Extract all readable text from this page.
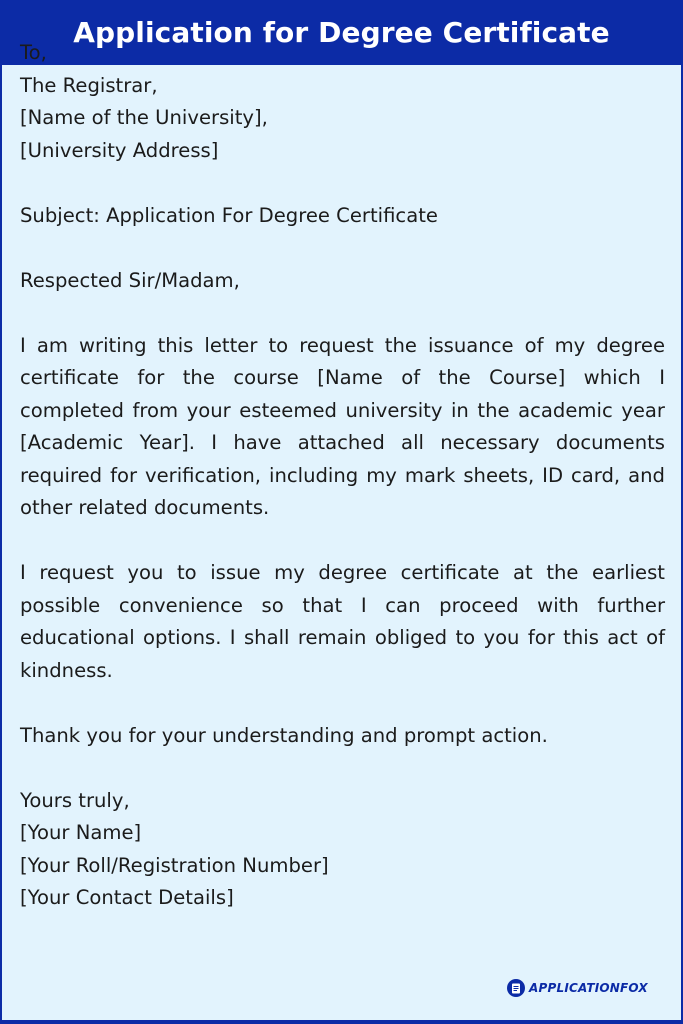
Application for Degree Certificate
To,
The Registrar,
[Name of the University],
[University Address]
Subject: Application For Degree Certificate
Respected Sir/Madam,

I am writing this letter to request the issuance of my degree certificate for the course [Name of the Course] which I completed from your esteemed university in the academic year [Academic Year]. I have attached all necessary documents required for verification, including my mark sheets, ID card, and other related documents.

I request you to issue my degree certificate at the earliest possible convenience so that I can proceed with further educational options. I shall remain obliged to you for this act of kindness.

Thank you for your understanding and prompt action.
Yours truly,
[Your Name]
[Your Roll/Registration Number]
[Your Contact Details]
APPLICATIONFOX
